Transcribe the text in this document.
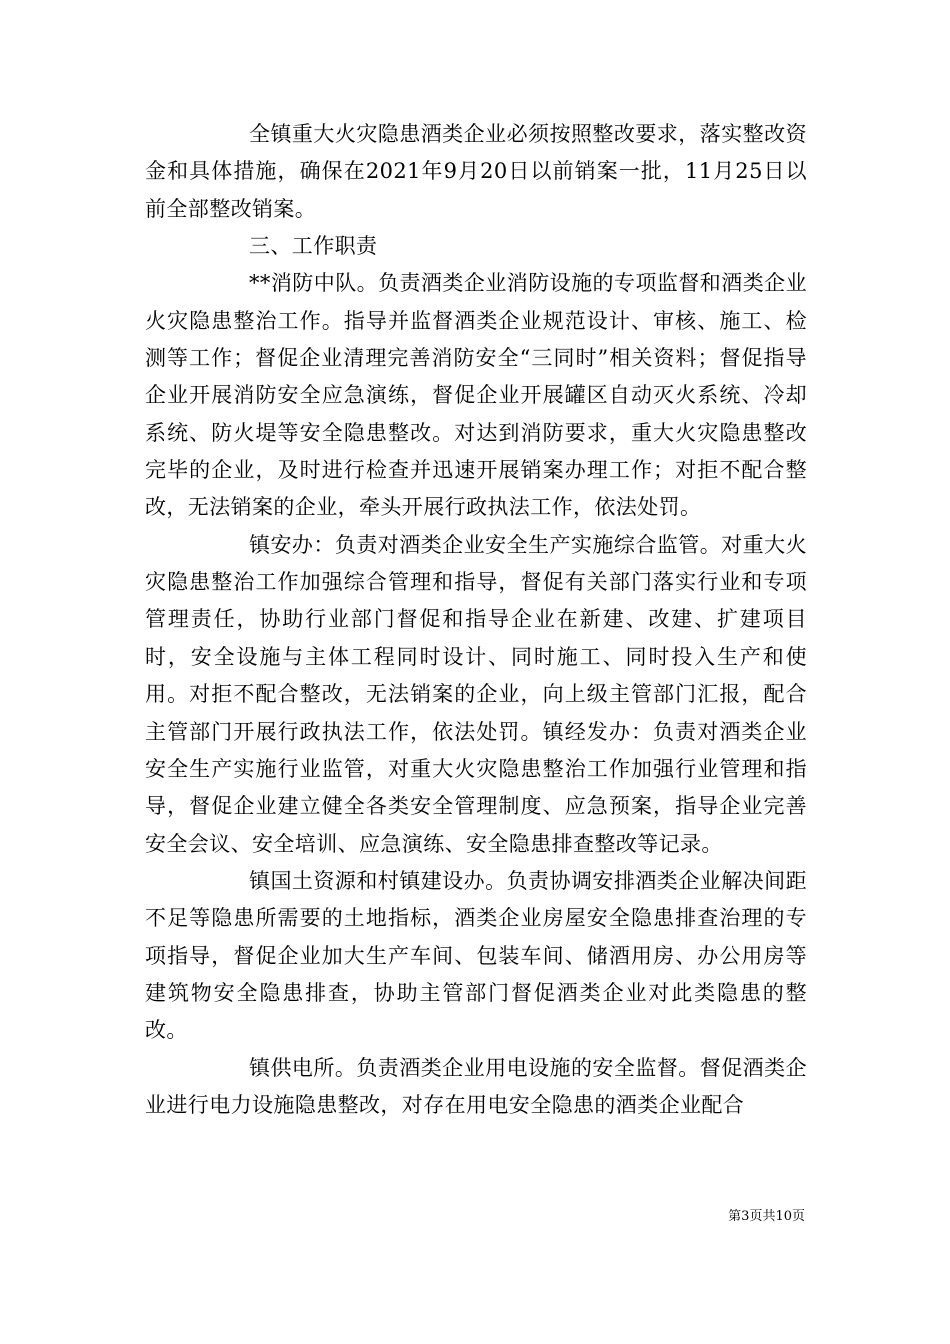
全镇重大火灾隐患酒类企业必须按照整改要求，落实整改资金和具体措施，确保在2021年9月20日以前销案一批，11月25日以前全部整改销案。

三、工作职责

**消防中队。负责酒类企业消防设施的专项监督和酒类企业火灾隐患整治工作。指导并监督酒类企业规范设计、审核、施工、检测等工作；督促企业清理完善消防安全“三同时”相关资料；督促指导企业开展消防安全应急演练，督促企业开展罐区自动灭火系统、冷却系统、防火堤等安全隐患整改。对达到消防要求，重大火灾隐患整改完毕的企业，及时进行检查并迅速开展销案办理工作；对拒不配合整改，无法销案的企业，牵头开展行政执法工作，依法处罚。

镇安办：负责对酒类企业安全生产实施综合监管。对重大火灾隐患整治工作加强综合管理和指导，督促有关部门落实行业和专项管理责任，协助行业部门督促和指导企业在新建、改建、扩建项目时，安全设施与主体工程同时设计、同时施工、同时投入生产和使用。对拒不配合整改，无法销案的企业，向上级主管部门汇报，配合主管部门开展行政执法工作，依法处罚。镇经发办：负责对酒类企业安全生产实施行业监管，对重大火灾隐患整治工作加强行业管理和指导，督促企业建立健全各类安全管理制度、应急预案，指导企业完善安全会议、安全培训、应急演练、安全隐患排查整改等记录。

镇国土资源和村镇建设办。负责协调安排酒类企业解决间距不足等隐患所需要的土地指标，酒类企业房屋安全隐患排查治理的专项指导，督促企业加大生产车间、包装车间、储酒用房、办公用房等建筑物安全隐患排查，协助主管部门督促酒类企业对此类隐患的整改。

镇供电所。负责酒类企业用电设施的安全监督。督促酒类企业进行电力设施隐患整改，对存在用电安全隐患的酒类企业配合

第3页共10页
